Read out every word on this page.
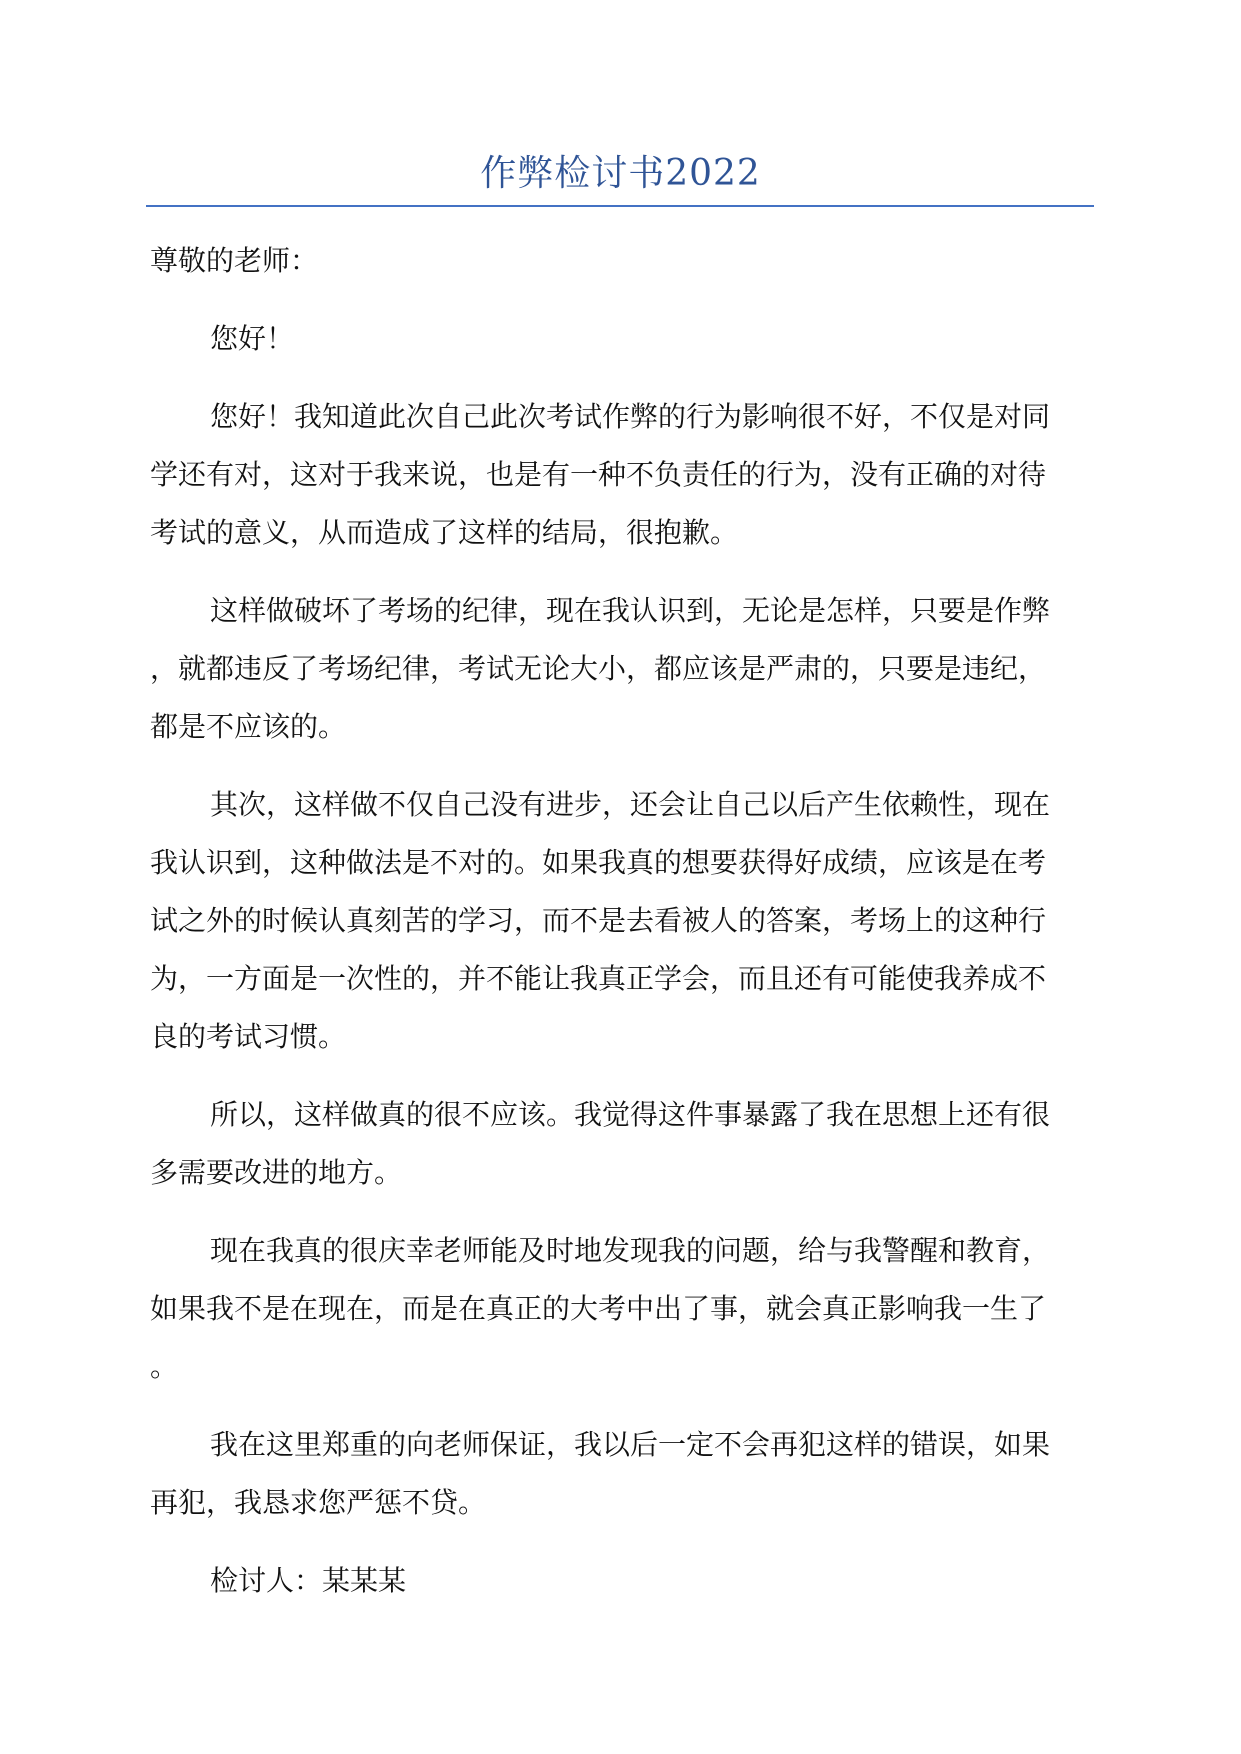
作弊检讨书2022

尊敬的老师：

您好！

您好！我知道此次自己此次考试作弊的行为影响很不好，不仅是对同
学还有对，这对于我来说，也是有一种不负责任的行为，没有正确的对待
考试的意义，从而造成了这样的结局，很抱歉。

这样做破坏了考场的纪律，现在我认识到，无论是怎样，只要是作弊
，就都违反了考场纪律，考试无论大小，都应该是严肃的，只要是违纪，
都是不应该的。

其次，这样做不仅自己没有进步，还会让自己以后产生依赖性，现在
我认识到，这种做法是不对的。如果我真的想要获得好成绩，应该是在考
试之外的时候认真刻苦的学习，而不是去看被人的答案，考场上的这种行
为，一方面是一次性的，并不能让我真正学会，而且还有可能使我养成不
良的考试习惯。

所以，这样做真的很不应该。我觉得这件事暴露了我在思想上还有很
多需要改进的地方。

现在我真的很庆幸老师能及时地发现我的问题，给与我警醒和教育，
如果我不是在现在，而是在真正的大考中出了事，就会真正影响我一生了
。

我在这里郑重的向老师保证，我以后一定不会再犯这样的错误，如果
再犯，我恳求您严惩不贷。

检讨人：某某某
